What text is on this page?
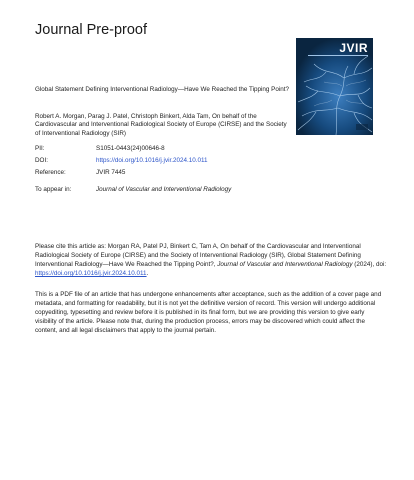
Journal Pre-proof
JVIR

Global Statement Defining Interventional Radiology—Have We Reached the Tipping Point?

Robert A. Morgan, Parag J. Patel, Christoph Binkert, Alda Tam, On behalf of the Cardiovascular and Interventional Radiological Society of Europe (CIRSE) and the Society of Interventional Radiology (SIR)

PII:	S1051-0443(24)00646-8
DOI:	https://doi.org/10.1016/j.jvir.2024.10.011
Reference:	JVIR 7445
To appear in:	Journal of Vascular and Interventional Radiology

Please cite this article as: Morgan RA, Patel PJ, Binkert C, Tam A, On behalf of the Cardiovascular and Interventional Radiological Society of Europe (CIRSE) and the Society of Interventional Radiology (SIR), Global Statement Defining Interventional Radiology—Have We Reached the Tipping Point?, Journal of Vascular and Interventional Radiology (2024), doi: https://doi.org/10.1016/j.jvir.2024.10.011.

This is a PDF file of an article that has undergone enhancements after acceptance, such as the addition of a cover page and metadata, and formatting for readability, but it is not yet the definitive version of record. This version will undergo additional copyediting, typesetting and review before it is published in its final form, but we are providing this version to give early visibility of the article. Please note that, during the production process, errors may be discovered which could affect the content, and all legal disclaimers that apply to the journal pertain.
